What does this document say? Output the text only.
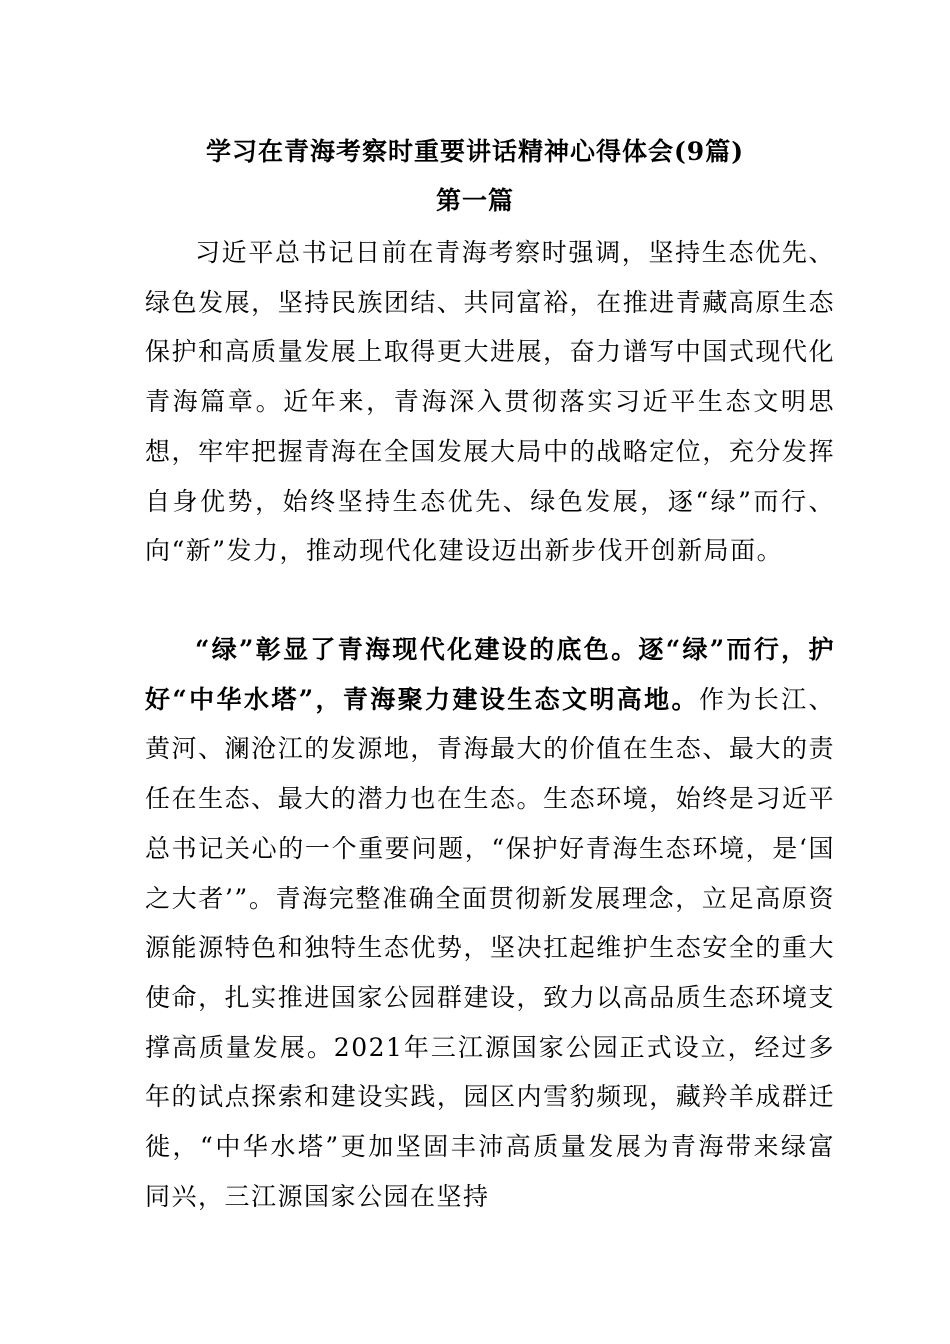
学习在青海考察时重要讲话精神心得体会(9篇)
第一篇

习近平总书记日前在青海考察时强调，坚持生态优先、绿色发展，坚持民族团结、共同富裕，在推进青藏高原生态保护和高质量发展上取得更大进展，奋力谱写中国式现代化青海篇章。近年来，青海深入贯彻落实习近平生态文明思想，牢牢把握青海在全国发展大局中的战略定位，充分发挥自身优势，始终坚持生态优先、绿色发展，逐“绿”而行、向“新”发力，推动现代化建设迈出新步伐开创新局面。

“绿”彰显了青海现代化建设的底色。逐“绿”而行，护好“中华水塔”，青海聚力建设生态文明高地。作为长江、黄河、澜沧江的发源地，青海最大的价值在生态、最大的责任在生态、最大的潜力也在生态。生态环境，始终是习近平总书记关心的一个重要问题，“保护好青海生态环境，是‘国之大者’”。青海完整准确全面贯彻新发展理念，立足高原资源能源特色和独特生态优势，坚决扛起维护生态安全的重大使命，扎实推进国家公园群建设，致力以高品质生态环境支撑高质量发展。2021年三江源国家公园正式设立，经过多年的试点探索和建设实践，园区内雪豹频现，藏羚羊成群迁徙，“中华水塔”更加坚固丰沛高质量发展为青海带来绿富同兴，三江源国家公园在坚持
